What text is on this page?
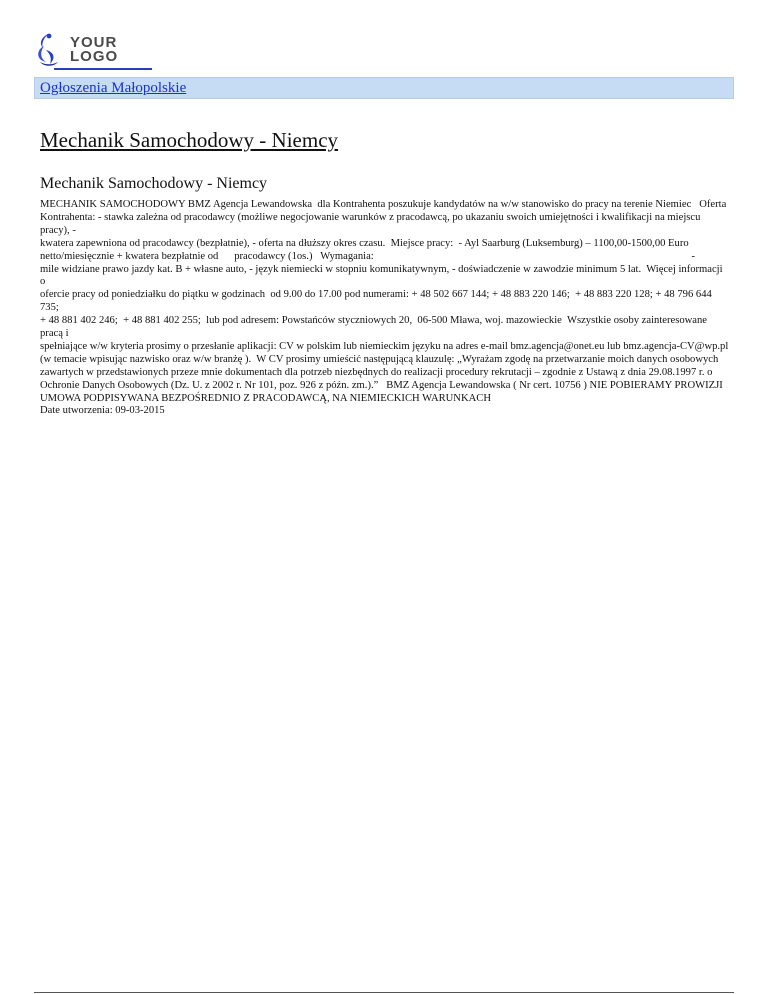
YOUR
LOGO
Ogłoszenia Małopolskie
Mechanik Samochodowy - Niemcy
Mechanik Samochodowy - Niemcy

MECHANIK SAMOCHODOWY BMZ Agencja Lewandowska  dla Kontrahenta poszukuje kandydatów na w/w stanowisko do pracy na terenie Niemiec   Oferta
Kontrahenta: - stawka zależna od pracodawcy (możliwe negocjowanie warunków z pracodawcą, po ukazaniu swoich umiejętności i kwalifikacji na miejscu pracy), -
kwatera zapewniona od pracodawcy (bezpłatnie), - oferta na dłuższy okres czasu.  Miejsce pracy:  - Ayl Saarburg (Luksemburg) – 1100,00-1500,00 Euro
netto/miesięcznie + kwatera bezpłatnie od      pracodawcy (1os.)   Wymagania:                                                                                                                        -
mile widziane prawo jazdy kat. B + własne auto, - język niemiecki w stopniu komunikatywnym, - doświadczenie w zawodzie minimum 5 lat.  Więcej informacji o
ofercie pracy od poniedziałku do piątku w godzinach  od 9.00 do 17.00 pod numerami: + 48 502 667 144; + 48 883 220 146;  + 48 883 220 128; + 48 796 644 735;
+ 48 881 402 246;  + 48 881 402 255;  lub pod adresem: Powstańców styczniowych 20,  06-500 Mława, woj. mazowieckie  Wszystkie osoby zainteresowane pracą i
spełniające w/w kryteria prosimy o przesłanie aplikacji: CV w polskim lub niemieckim języku na adres e-mail bmz.agencja@onet.eu lub bmz.agencja-CV@wp.pl
(w temacie wpisując nazwisko oraz w/w branżę ).  W CV prosimy umieścić następującą klauzulę: „Wyrażam zgodę na przetwarzanie moich danych osobowych
zawartych w przedstawionych przeze mnie dokumentach dla potrzeb niezbędnych do realizacji procedury rekrutacji – zgodnie z Ustawą z dnia 29.08.1997 r. o
Ochronie Danych Osobowych (Dz. U. z 2002 r. Nr 101, poz. 926 z późn. zm.).”   BMZ Agencja Lewandowska ( Nr cert. 10756 ) NIE POBIERAMY PROWIZJI
UMOWA PODPISYWANA BEZPOŚREDNIO Z PRACODAWCĄ, NA NIEMIECKICH WARUNKACH

Date utworzenia: 09-03-2015
